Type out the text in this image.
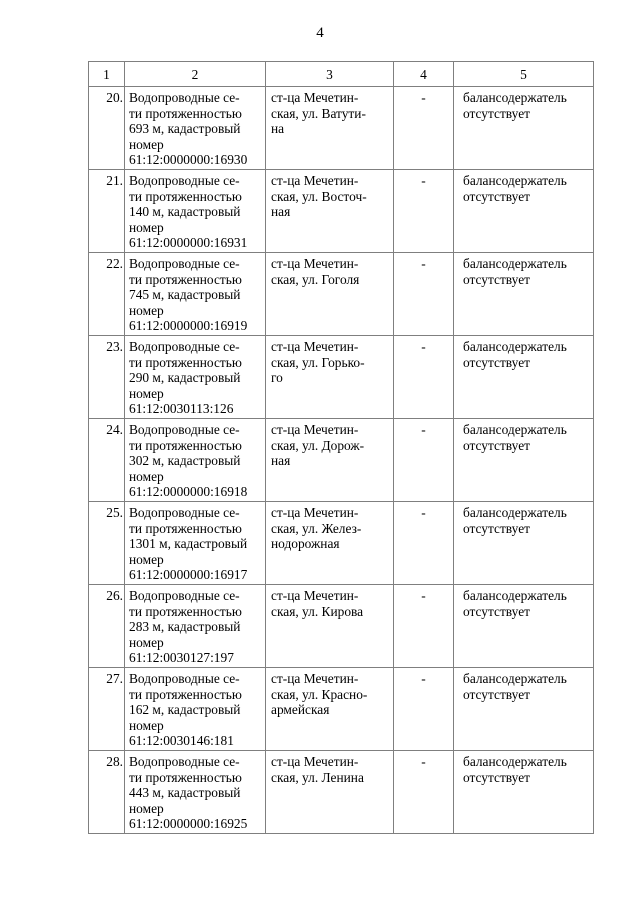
4
1	2	3	4	5
20.	Водопроводные се-
ти протяженностью
693 м, кадастровый
номер
61:12:0000000:16930	ст-ца Мечетин-
ская, ул. Ватути-
на	-	балансодержатель
отсутствует

21.	Водопроводные се-
ти протяженностью
140 м, кадастровый
номер
61:12:0000000:16931	ст-ца Мечетин-
ская, ул. Восточ-
ная	-	балансодержатель
отсутствует

22.	Водопроводные се-
ти протяженностью
745 м, кадастровый
номер
61:12:0000000:16919	ст-ца Мечетин-
ская, ул. Гоголя	-	балансодержатель
отсутствует

23.	Водопроводные се-
ти протяженностью
290 м, кадастровый
номер
61:12:0030113:126	ст-ца Мечетин-
ская, ул. Горько-
го	-	балансодержатель
отсутствует

24.	Водопроводные се-
ти протяженностью
302 м, кадастровый
номер
61:12:0000000:16918	ст-ца Мечетин-
ская, ул. Дорож-
ная	-	балансодержатель
отсутствует

25.	Водопроводные се-
ти протяженностью
1301 м, кадастровый
номер
61:12:0000000:16917	ст-ца Мечетин-
ская, ул. Желез-
нодорожная	-	балансодержатель
отсутствует

26.	Водопроводные се-
ти протяженностью
283 м, кадастровый
номер
61:12:0030127:197	ст-ца Мечетин-
ская, ул. Кирова	-	балансодержатель
отсутствует

27.	Водопроводные се-
ти протяженностью
162 м, кадастровый
номер
61:12:0030146:181	ст-ца Мечетин-
ская, ул. Красно-
армейская	-	балансодержатель
отсутствует

28.	Водопроводные се-
ти протяженностью
443 м, кадастровый
номер
61:12:0000000:16925	ст-ца Мечетин-
ская, ул. Ленина	-	балансодержатель
отсутствует
